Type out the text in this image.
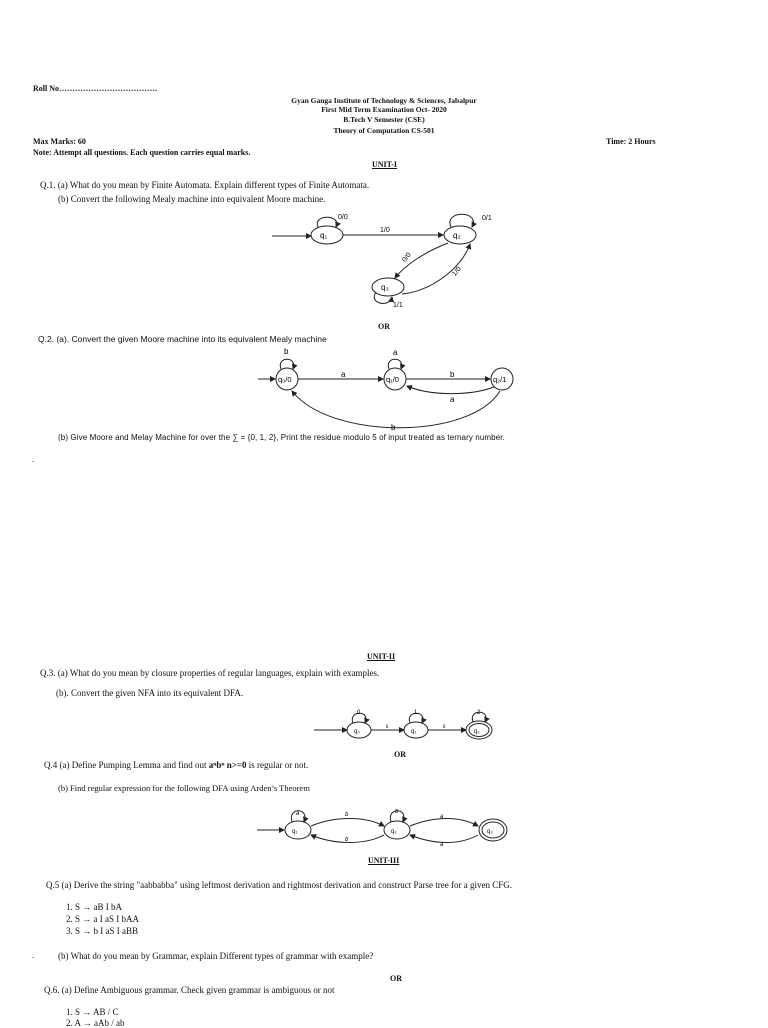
Roll No……………………………….
Gyan Ganga Institute of Technology & Sciences, Jabalpur
First Mid Term Examination Oct- 2020
B.Tech V Semester (CSE)
Theory of Computation CS-501
Max Marks: 60	Time: 2 Hours
Note: Attempt all questions. Each question carries equal marks.
UNIT-I
Q.1. (a) What do you mean by Finite Automata. Explain different types of Finite Automata.
(b) Convert the following Mealy machine into equivalent Moore machine.
q₁
0/0
1/0
q₂
0/1
q₃
0/0
1/0
1/1
OR
Q.2. (a). Convert the given Moore machine into its equivalent Mealy machine
q₀/0
b
a
q₁/0
a
b
q₂/1
a
b
(b) Give Moore and Melay Machine for over the ∑ = {0, 1, 2}, Print the residue modulo 5 of input treated as ternary number.
.
UNIT-II
Q.3. (a) What do you mean by closure properties of regular languages, explain with examples.
(b). Convert the given NFA into its equivalent DFA.
q₀
0
ε
q₁
1
ε
q₂
2
OR
Q.4 (a) Define Pumping Lemma and find out aⁿbⁿ n>=0 is regular or not.
(b) Find regular expression for the following DFA using Arden’s Theorem
q₁
a	b
b
q₂
b
a
a
q₃
UNIT-III
Q.5 (a) Derive the string "aabbabba" using leftmost derivation and rightmost derivation and construct Parse tree for a given CFG.
1. S → aB I bA
2. S → a I aS I bAA
3. S → b I aS I aBB
.	(b) What do you mean by Grammar, explain Different types of grammar with example?
OR
Q.6. (a) Define Ambiguous grammar. Check given grammar is ambiguous or not
1. S → AB / C
2. A → aAb / ab
